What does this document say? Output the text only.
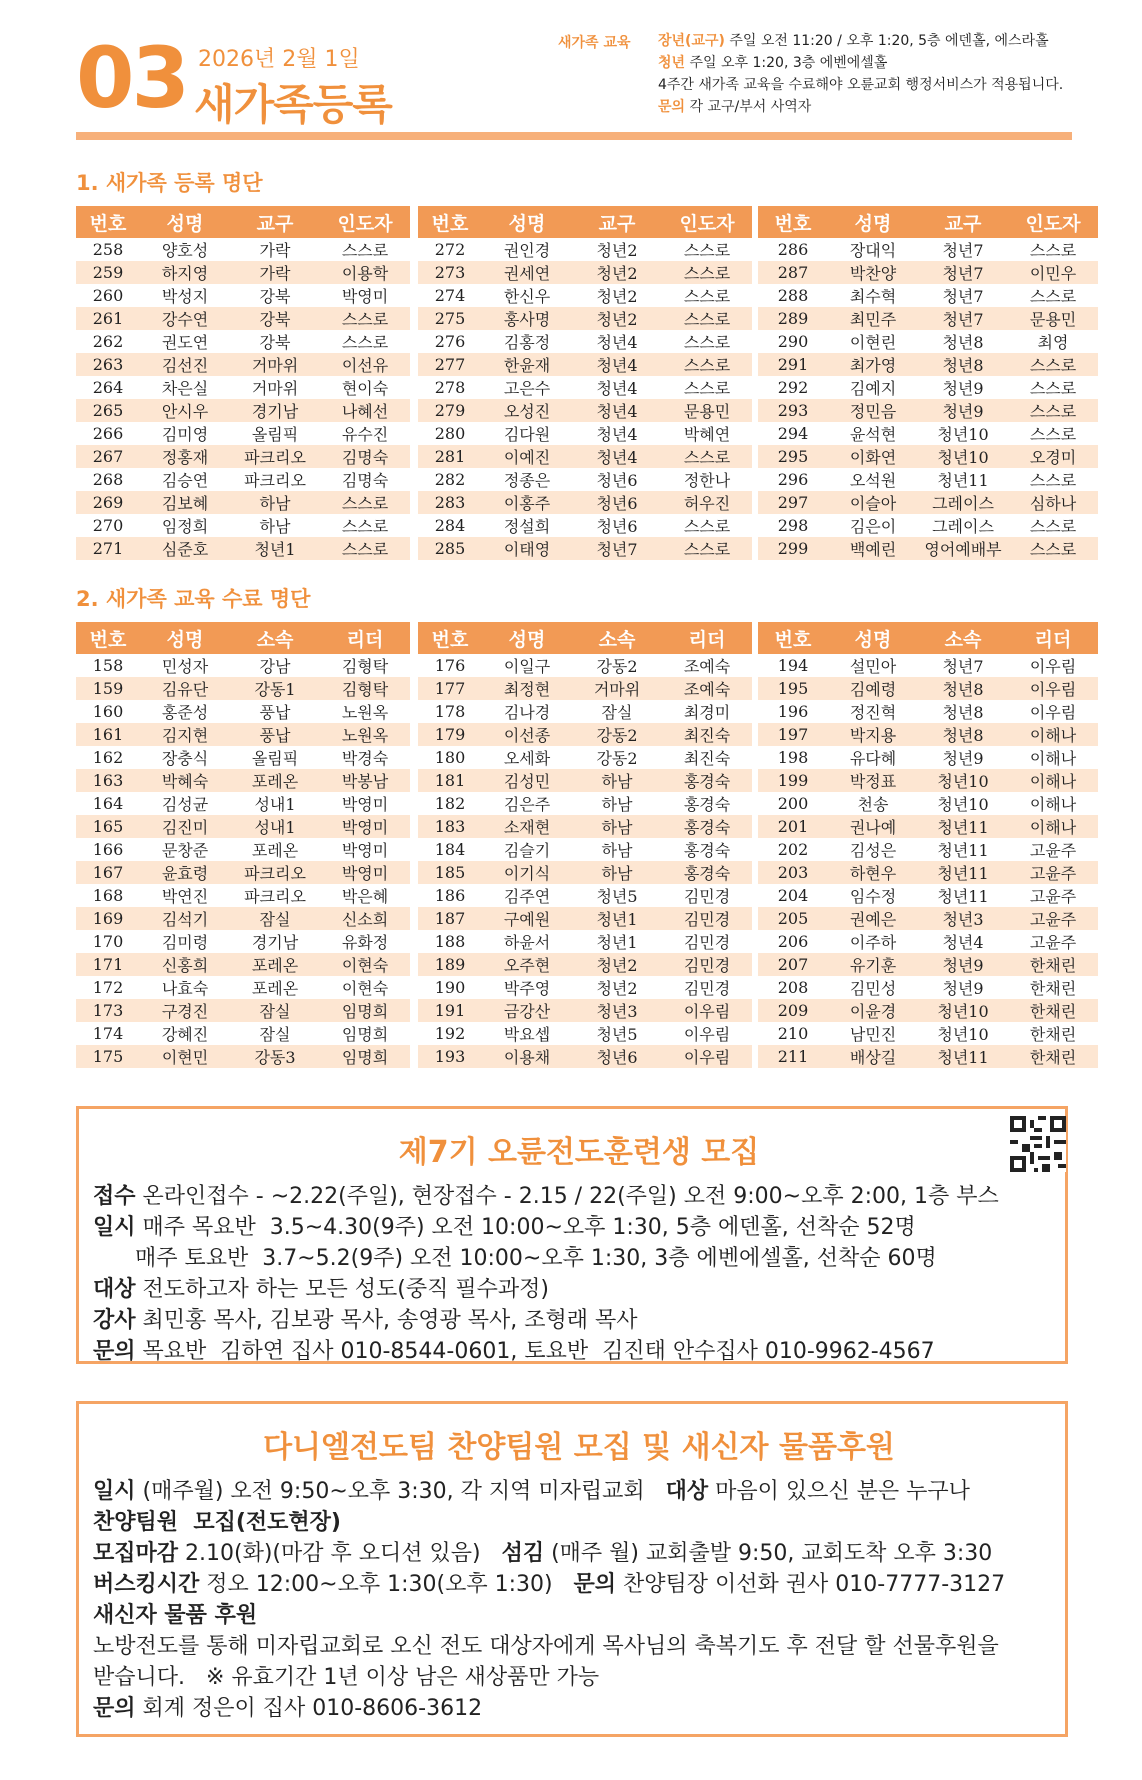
03 2026년 2월 1일
새가족등록
새가족 교육 장년(교구) 주일 오전 11:20 / 오후 1:20, 5층 에덴홀, 에스라홀
청년 주일 오후 1:20, 3층 에벤에셀홀
4주간 새가족 교육을 수료해야 오륜교회 행정서비스가 적용됩니다.
문의 각 교구/부서 사역자
1. 새가족 등록 명단
번호	성명	교구	인도자
258	양호성	가락	스스로
259	하지영	가락	이용학
260	박성지	강북	박영미
261	강수연	강북	스스로
262	권도연	강북	스스로
263	김선진	거마위	이선유
264	차은실	거마위	현이숙
265	안시우	경기남	나혜선
266	김미영	올림픽	유수진
267	정홍재	파크리오	김명숙
268	김승연	파크리오	김명숙
269	김보혜	하남	스스로
270	임정희	하남	스스로
271	심준호	청년1	스스로
번호	성명	교구	인도자
272	권인경	청년2	스스로
273	권세연	청년2	스스로
274	한신우	청년2	스스로
275	홍사명	청년2	스스로
276	김홍정	청년4	스스로
277	한윤재	청년4	스스로
278	고은수	청년4	스스로
279	오성진	청년4	문용민
280	김다원	청년4	박혜연
281	이예진	청년4	스스로
282	정종은	청년6	정한나
283	이홍주	청년6	허우진
284	정설희	청년6	스스로
285	이태영	청년7	스스로
번호	성명	교구	인도자
286	장대익	청년7	스스로
287	박찬양	청년7	이민우
288	최수혁	청년7	스스로
289	최민주	청년7	문용민
290	이현린	청년8	최영
291	최가영	청년8	스스로
292	김예지	청년9	스스로
293	정민음	청년9	스스로
294	윤석현	청년10	스스로
295	이화연	청년10	오경미
296	오석원	청년11	스스로
297	이슬아	그레이스	심하나
298	김은이	그레이스	스스로
299	백예린	영어예배부	스스로
2. 새가족 교육 수료 명단
번호	성명	소속	리더
158	민성자	강남	김형탁
159	김유단	강동1	김형탁
160	홍준성	풍납	노원옥
161	김지현	풍납	노원옥
162	장충식	올림픽	박경숙
163	박혜숙	포레온	박봉남
164	김성균	성내1	박영미
165	김진미	성내1	박영미
166	문창준	포레온	박영미
167	윤효령	파크리오	박영미
168	박연진	파크리오	박은혜
169	김석기	잠실	신소희
170	김미령	경기남	유화정
171	신홍희	포레온	이현숙
172	나효숙	포레온	이현숙
173	구경진	잠실	임명희
174	강혜진	잠실	임명희
175	이현민	강동3	임명희
번호	성명	소속	리더
176	이일구	강동2	조예숙
177	최정현	거마위	조예숙
178	김나경	잠실	최경미
179	이선종	강동2	최진숙
180	오세화	강동2	최진숙
181	김성민	하남	홍경숙
182	김은주	하남	홍경숙
183	소재현	하남	홍경숙
184	김슬기	하남	홍경숙
185	이기식	하남	홍경숙
186	김주연	청년5	김민경
187	구예원	청년1	김민경
188	하윤서	청년1	김민경
189	오주현	청년2	김민경
190	박주영	청년2	김민경
191	금강산	청년3	이우림
192	박요셉	청년5	이우림
193	이용채	청년6	이우림
번호	성명	소속	리더
194	설민아	청년7	이우림
195	김예령	청년8	이우림
196	정진혁	청년8	이우림
197	박지용	청년8	이해나
198	유다혜	청년9	이해나
199	박정표	청년10	이해나
200	천송	청년10	이해나
201	권나예	청년11	이해나
202	김성은	청년11	고윤주
203	하현우	청년11	고윤주
204	임수정	청년11	고윤주
205	권예은	청년3	고윤주
206	이주하	청년4	고윤주
207	유기훈	청년9	한채린
208	김민성	청년9	한채린
209	이윤경	청년10	한채린
210	남민진	청년10	한채린
211	배상길	청년11	한채린
제7기 오륜전도훈련생 모집
접수 온라인접수 - ~2.22(주일), 현장접수 - 2.15 / 22(주일) 오전 9:00~오후 2:00, 1층 부스
일시 매주 목요반  3.5~4.30(9주) 오전 10:00~오후 1:30, 5층 에덴홀, 선착순 52명
매주 토요반  3.7~5.2(9주) 오전 10:00~오후 1:30, 3층 에벤에셀홀, 선착순 60명
대상 전도하고자 하는 모든 성도(중직 필수과정)
강사 최민홍 목사, 김보광 목사, 송영광 목사, 조형래 목사
문의 목요반  김하연 집사 010-8544-0601, 토요반  김진태 안수집사 010-9962-4567
다니엘전도팀 찬양팀원 모집 및 새신자 물품후원
일시 (매주월) 오전 9:50~오후 3:30, 각 지역 미자립교회   대상 마음이 있으신 분은 누구나
찬양팀원  모집(전도현장)
모집마감 2.10(화)(마감 후 오디션 있음)   섬김 (매주 월) 교회출발 9:50, 교회도착 오후 3:30
버스킹시간 정오 12:00~오후 1:30(오후 1:30)   문의 찬양팀장 이선화 권사 010-7777-3127
새신자 물품 후원
노방전도를 통해 미자립교회로 오신 전도 대상자에게 목사님의 축복기도 후 전달 할 선물후원을
받습니다.   ※ 유효기간 1년 이상 남은 새상품만 가능
문의 회계 정은이 집사 010-8606-3612
